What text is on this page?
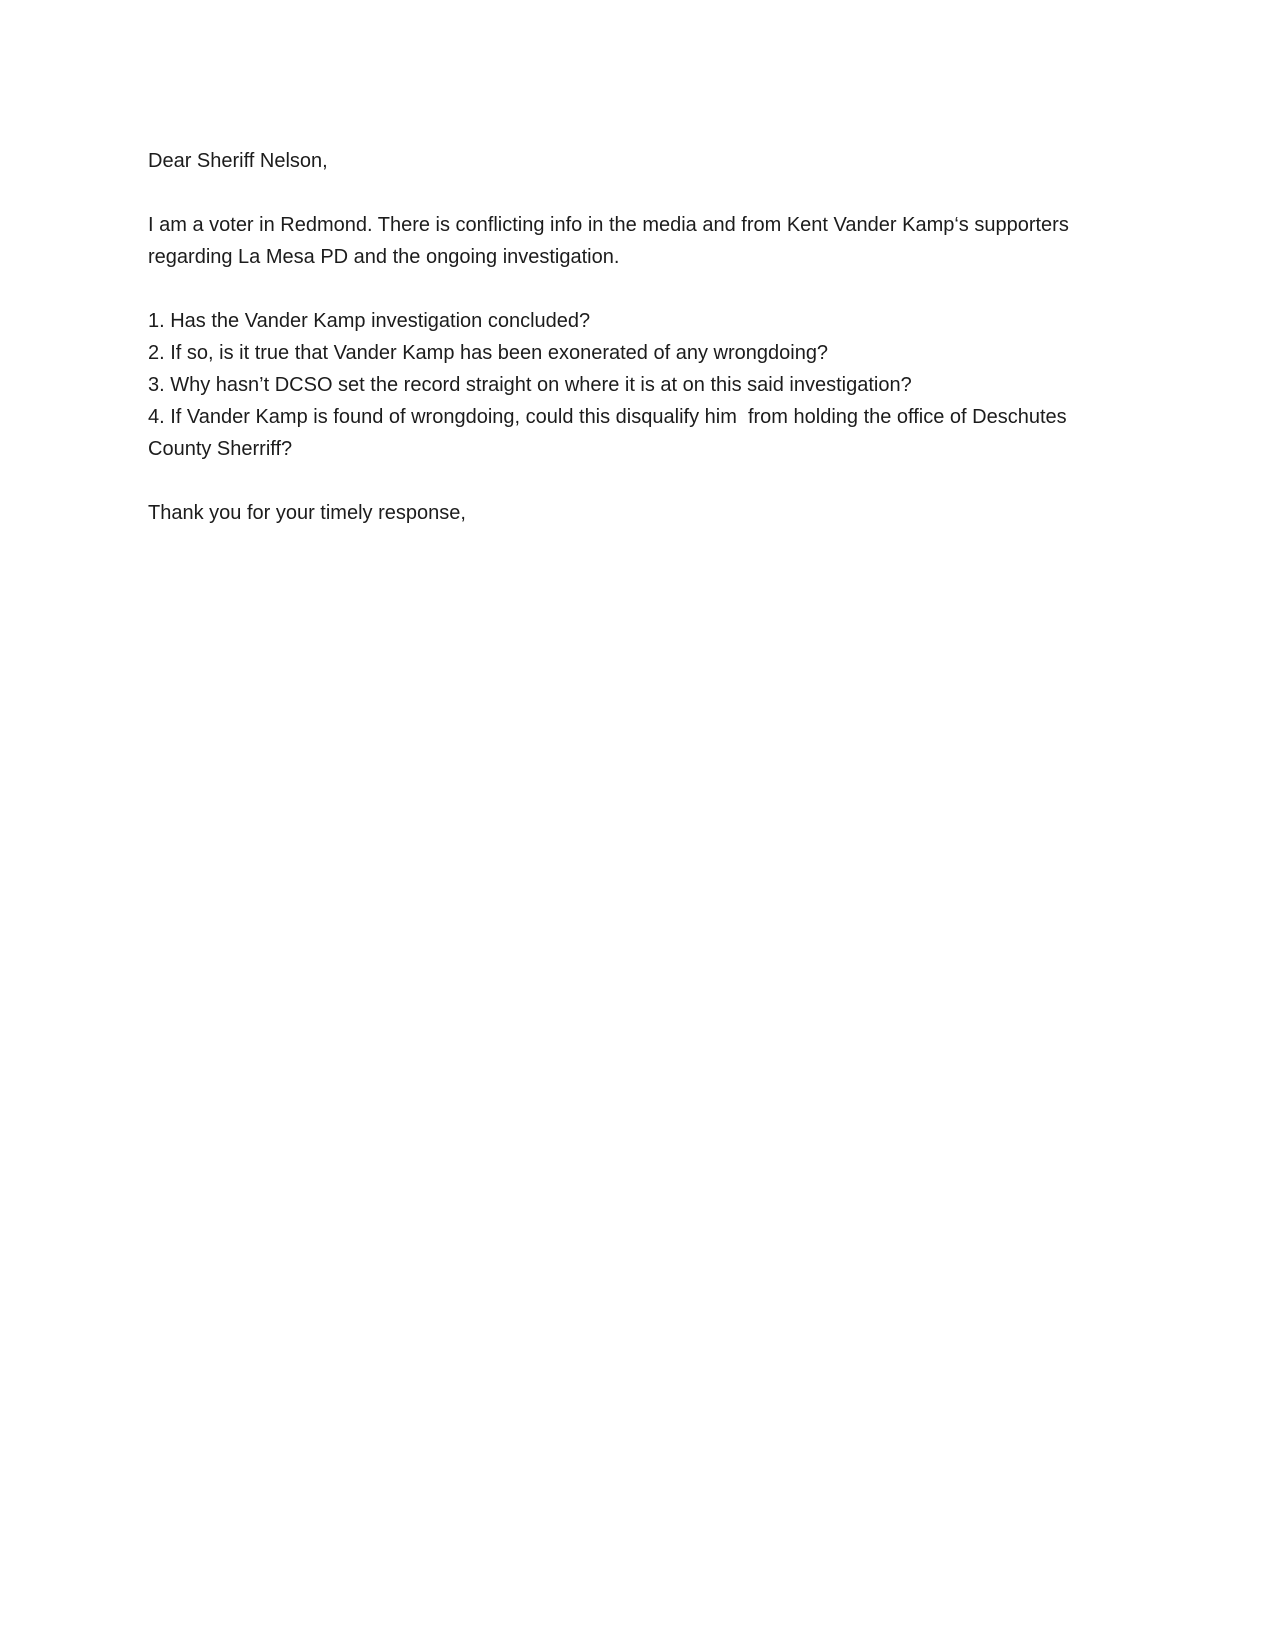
Dear Sheriff Nelson,

I am a voter in Redmond. There is conflicting info in the media and from Kent Vander Kamp‘s supporters regarding La Mesa PD and the ongoing investigation.

1. Has the Vander Kamp investigation concluded?
2. If so, is it true that Vander Kamp has been exonerated of any wrongdoing?
3. Why hasn’t DCSO set the record straight on where it is at on this said investigation?
4. If Vander Kamp is found of wrongdoing, could this disqualify him  from holding the office of Deschutes County Sherriff?

Thank you for your timely response,
